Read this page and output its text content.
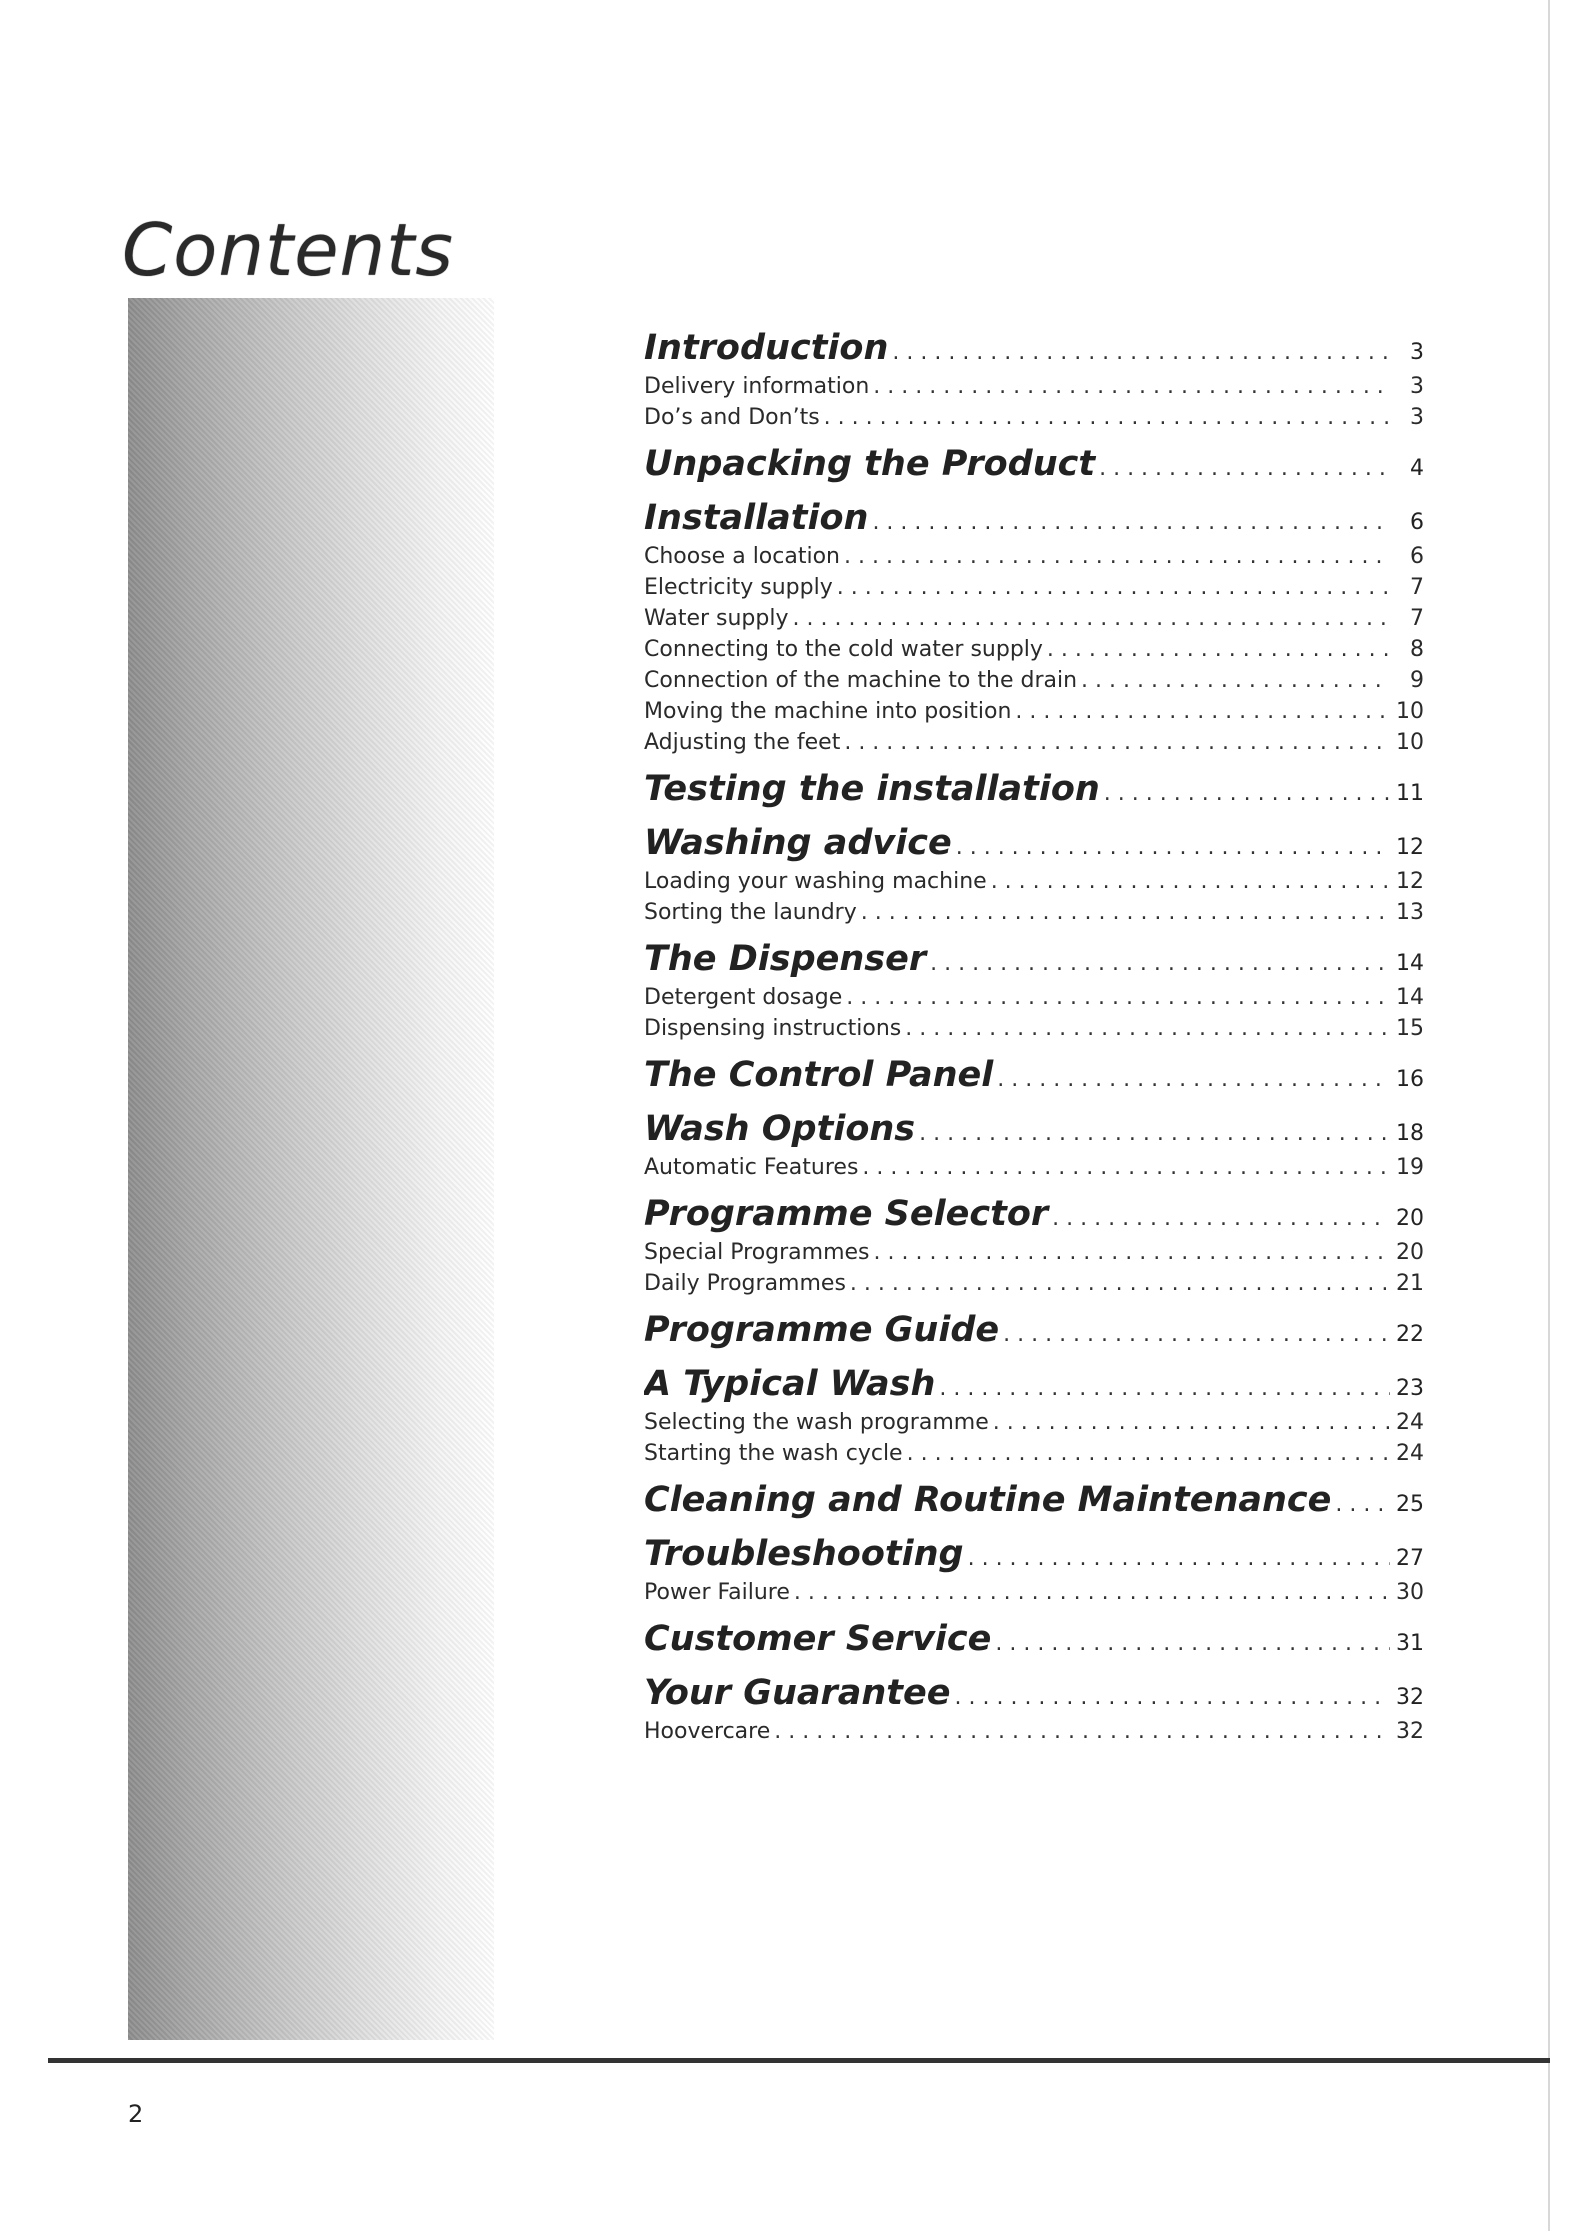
Contents
Introduction . . .	3
Delivery information . . .	3
Do’s and Don’ts . . .	3
Unpacking the Product . . .	4
Installation . . .	6
Choose a location . . .	6
Electricity supply . . .	7
Water supply . . .	7
Connecting to the cold water supply . . .	8
Connection of the machine to the drain . . .	9
Moving the machine into position . . .	10
Adjusting the feet . . .	10
Testing the installation . . .	11
Washing advice . . .	12
Loading your washing machine . . .	12
Sorting the laundry . . .	13
The Dispenser . . .	14
Detergent dosage . . .	14
Dispensing instructions . . .	15
The Control Panel . . .	16
Wash Options . . .	18
Automatic Features . . .	19
Programme Selector . . .	20
Special Programmes . . .	20
Daily Programmes . . .	21
Programme Guide . . .	22
A Typical Wash . . .	23
Selecting the wash programme . . .	24
Starting the wash cycle . . .	24
Cleaning and Routine Maintenance . . .	25
Troubleshooting . . .	27
Power Failure . . .	30
Customer Service . . .	31
Your Guarantee . . .	32
Hoovercare . . .	32
2
